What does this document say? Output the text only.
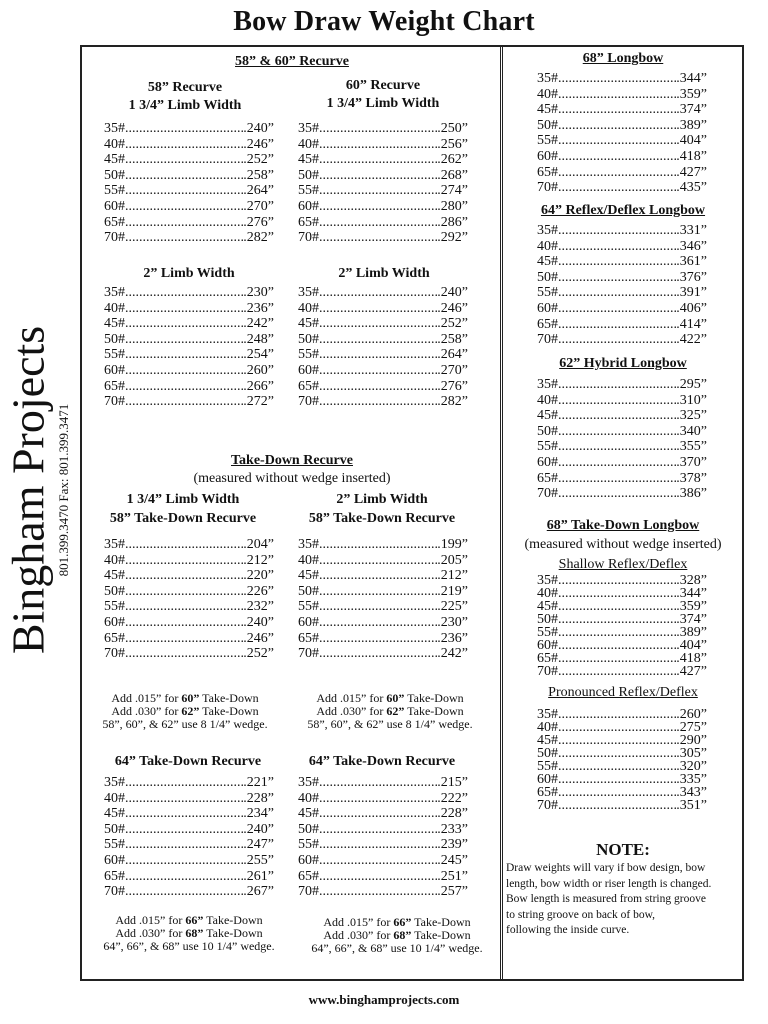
Bow Draw Weight Chart
Bingham Projects 801.399.3470 Fax: 801.399.3471
58” & 60” Recurve
58” Recurve
1 3/4” Limb Width
60” Recurve
1 3/4” Limb Width
35# .....	.240”
40# .....	.246”
45# .....	.252”
50# .....	.258”
55# .....	.264”
60# .....	.270”
65# .....	.276”
70# .....	.282”
35# .....	.250”
40# .....	.256”
45# .....	.262”
50# .....	.268”
55# .....	.274”
60# .....	.280”
65# .....	.286”
70# .....	.292”
2” Limb Width	2” Limb Width
35# .....	.230”
40# .....	.236”
45# .....	.242”
50# .....	.248”
55# .....	.254”
60# .....	.260”
65# .....	.266”
70# .....	.272”
35# .....	.240”
40# .....	.246”
45# .....	.252”
50# .....	.258”
55# .....	.264”
60# .....	.270”
65# .....	.276”
70# .....	.282”
Take-Down Recurve
(measured without wedge inserted)
1 3/4” Limb Width
58” Take-Down Recurve
2” Limb Width
58” Take-Down Recurve
35# .....	.204”
40# .....	.212”
45# .....	.220”
50# .....	.226”
55# .....	.232”
60# .....	.240”
65# .....	.246”
70# .....	.252”
35# .....	.199”
40# .....	.205”
45# .....	.212”
50# .....	.219”
55# .....	.225”
60# .....	.230”
65# .....	.236”
70# .....	.242”
Add .015” for 60” Take-Down
Add .030” for 62” Take-Down
58”, 60”, & 62” use 8 1/4” wedge.
Add .015” for 60” Take-Down
Add .030” for 62” Take-Down
58”, 60”, & 62” use 8 1/4” wedge.
64” Take-Down Recurve	64” Take-Down Recurve
35# .....	.221”
40# .....	.228”
45# .....	.234”
50# .....	.240”
55# .....	.247”
60# .....	.255”
65# .....	.261”
70# .....	.267”
35# .....	.215”
40# .....	.222”
45# .....	.228”
50# .....	.233”
55# .....	.239”
60# .....	.245”
65# .....	.251”
70# .....	.257”
Add .015” for 66” Take-Down
Add .030” for 68” Take-Down
64”, 66”, & 68” use 10 1/4” wedge.
Add .015” for 66” Take-Down
Add .030” for 68” Take-Down
64”, 66”, & 68” use 10 1/4” wedge.
68” Longbow
35# .....	.344”
40# .....	.359”
45# .....	.374”
50# .....	.389”
55# .....	.404”
60# .....	.418”
65# .....	.427”
70# .....	.435”
64” Reflex/Deflex Longbow
35# .....	.331”
40# .....	.346”
45# .....	.361”
50# .....	.376”
55# .....	.391”
60# .....	.406”
65# .....	.414”
70# .....	.422”
62” Hybrid Longbow
35# .....	.295”
40# .....	.310”
45# .....	.325”
50# .....	.340”
55# .....	.355”
60# .....	.370”
65# .....	.378”
70# .....	.386”
68” Take-Down Longbow
(measured without wedge inserted)
Shallow Reflex/Deflex
35# .....	.328”
40# .....	.344”
45# .....	.359”
50# .....	.374”
55# .....	.389”
60# .....	.404”
65# .....	.418”
70# .....	.427”
Pronounced Reflex/Deflex
35# .....	.260”
40# .....	.275”
45# .....	.290”
50# .....	.305”
55# .....	.320”
60# .....	.335”
65# .....	.343”
70# .....	.351”
NOTE:
Draw weights will vary if bow design, bow
length, bow width or riser length is changed.
Bow length is measured from string groove
to string groove on back of bow,
following the inside curve.
www.binghamprojects.com
